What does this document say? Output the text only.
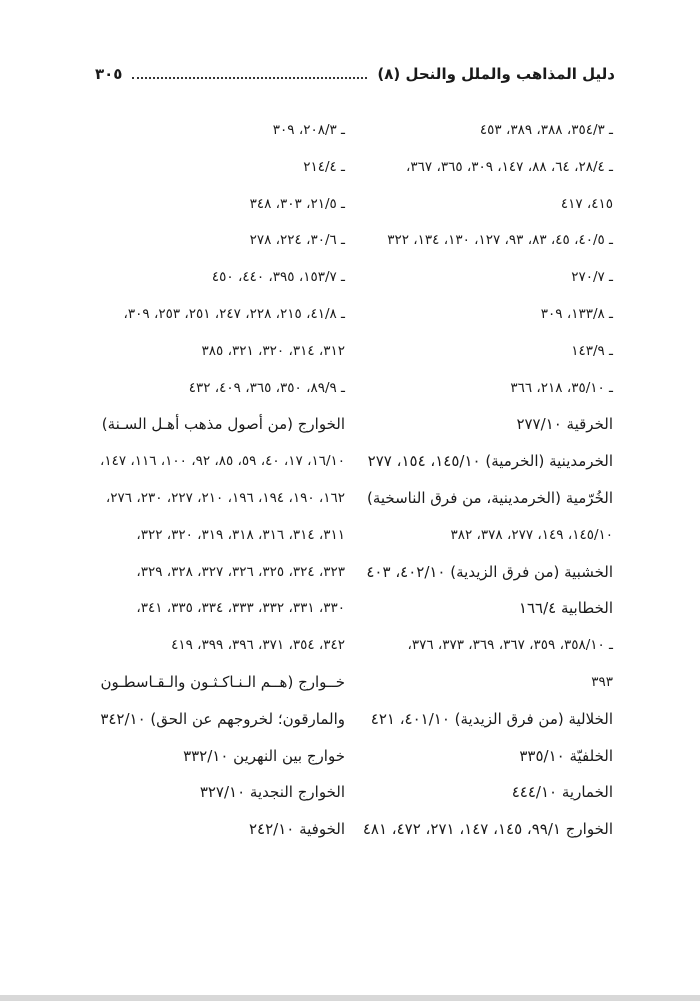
دليل المذاهب والملل والنحل (٨)
٣٠٥
ـ ٣٥٤/٣، ٣٨٨، ٣٨٩، ٤٥٣
ـ ٢٨/٤، ٦٤، ٨٨، ١٤٧، ٣٠٩، ٣٦٥، ٣٦٧،
٤١٥، ٤١٧
ـ ٤٠/٥، ٤٥، ٨٣، ٩٣، ١٢٧، ١٣٠، ١٣٤، ٣٢٢
ـ ٢٧٠/٧
ـ ١٣٣/٨، ٣٠٩
ـ ١٤٣/٩
ـ ٣٥/١٠، ٢١٨، ٣٦٦
الخرقية ٢٧٧/١٠
الخرمدينية (الخرمية) ١٤٥/١٠، ١٥٤، ٢٧٧
الخُرّمية (الخرمدينية، من فرق الناسخية)
١٤٥/١٠، ١٤٩، ٢٧٧، ٣٧٨، ٣٨٢
الخشبية (من فرق الزيدية) ٤٠٢/١٠، ٤٠٣
الخطابية ١٦٦/٤
ـ ٣٥٨/١٠، ٣٥٩، ٣٦٧، ٣٦٩، ٣٧٣، ٣٧٦،
٣٩٣
الخلالية (من فرق الزيدية) ٤٠١/١٠، ٤٢١
الخلفيّة ٣٣٥/١٠
الخمارية ٤٤٤/١٠
الخوارج ٩٩/١، ١٤٥، ١٤٧، ٢٧١، ٤٧٢، ٤٨١
ـ ٢٠٨/٣، ٣٠٩
ـ ٢١٤/٤
ـ ٢١/٥، ٣٠٣، ٣٤٨
ـ ٣٠/٦، ٢٢٤، ٢٧٨
ـ ١٥٣/٧، ٣٩٥، ٤٤٠، ٤٥٠
ـ ٤١/٨، ٢١٥، ٢٢٨، ٢٤٧، ٢٥١، ٢٥٣، ٣٠٩،
٣١٢، ٣١٤، ٣٢٠، ٣٢١، ٣٨٥
ـ ٨٩/٩، ٣٥٠، ٣٦٥، ٤٠٩، ٤٣٢
الخوارج (من أصول مذهب أهـل السـنة)
١٦/١٠، ١٧، ٤٠، ٥٩، ٨٥، ٩٢، ١٠٠، ١١٦، ١٤٧،
١٦٢، ١٩٠، ١٩٤، ١٩٦، ٢١٠، ٢٢٧، ٢٣٠، ٢٧٦،
٣١١، ٣١٤، ٣١٦، ٣١٨، ٣١٩، ٣٢٠، ٣٢٢،
٣٢٣، ٣٢٤، ٣٢٥، ٣٢٦، ٣٢٧، ٣٢٨، ٣٢٩،
٣٣٠، ٣٣١، ٣٣٢، ٣٣٣، ٣٣٤، ٣٣٥، ٣٤١،
٣٤٢، ٣٥٤، ٣٧١، ٣٩٦، ٣٩٩، ٤١٩
خــوارج (هــم الـنـاكـثـون والـقـاسطـون
والمارقون؛ لخروجهم عن الحق) ٣٤٢/١٠
خوارج بين النهرين ٣٣٢/١٠
الخوارج النجدية ٣٢٧/١٠
الخوفية ٢٤٢/١٠
